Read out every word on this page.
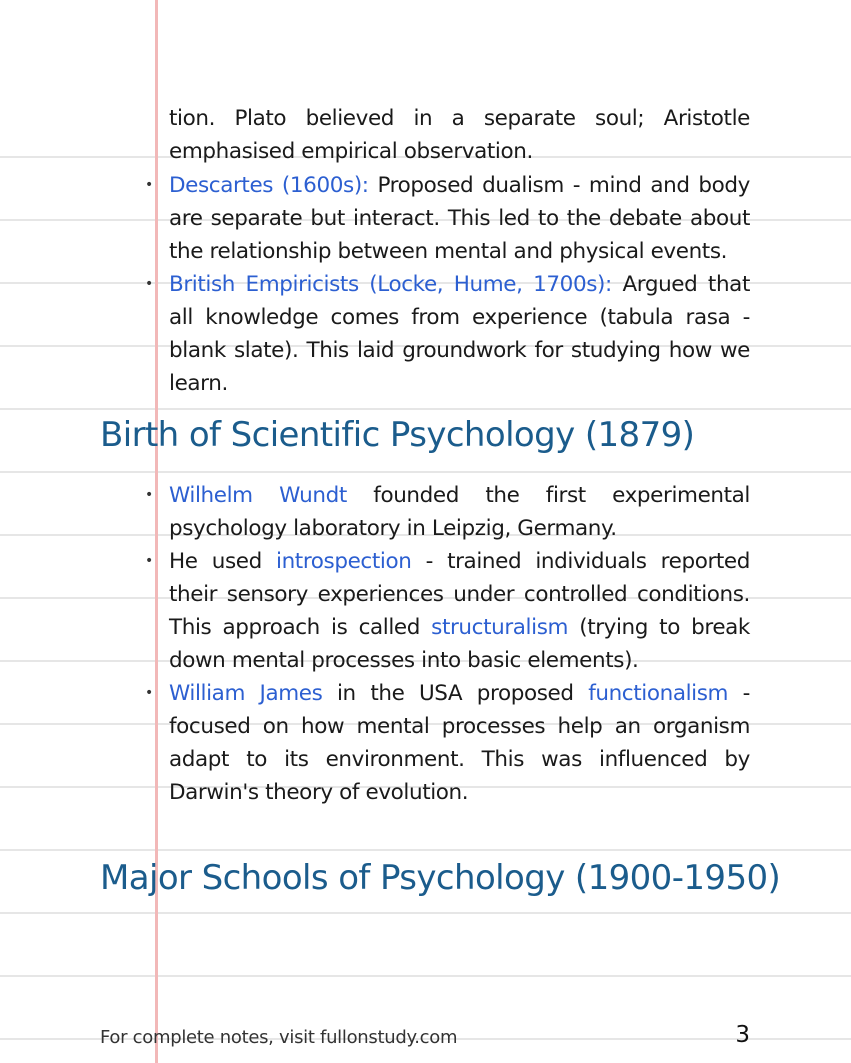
tion. Plato believed in a separate soul; Aristotle emphasised empirical observation.

• Descartes (1600s): Proposed dualism - mind and body are separate but interact. This led to the debate about the relationship between mental and physical events.
• British Empiricists (Locke, Hume, 1700s): Argued that all knowledge comes from experience (tabula rasa - blank slate). This laid groundwork for studying how we learn.
Birth of Scientific Psychology (1879)
• Wilhelm Wundt founded the first experimental psychology laboratory in Leipzig, Germany.
• He used introspection - trained individuals reported their sensory experiences under controlled conditions. This approach is called structuralism (trying to break down mental processes into basic elements).
• William James in the USA proposed functionalism - focused on how mental processes help an organism adapt to its environment. This was influenced by Darwin's theory of evolution.
Major Schools of Psychology (1900-1950)
For complete notes, visit fullonstudy.com	3
